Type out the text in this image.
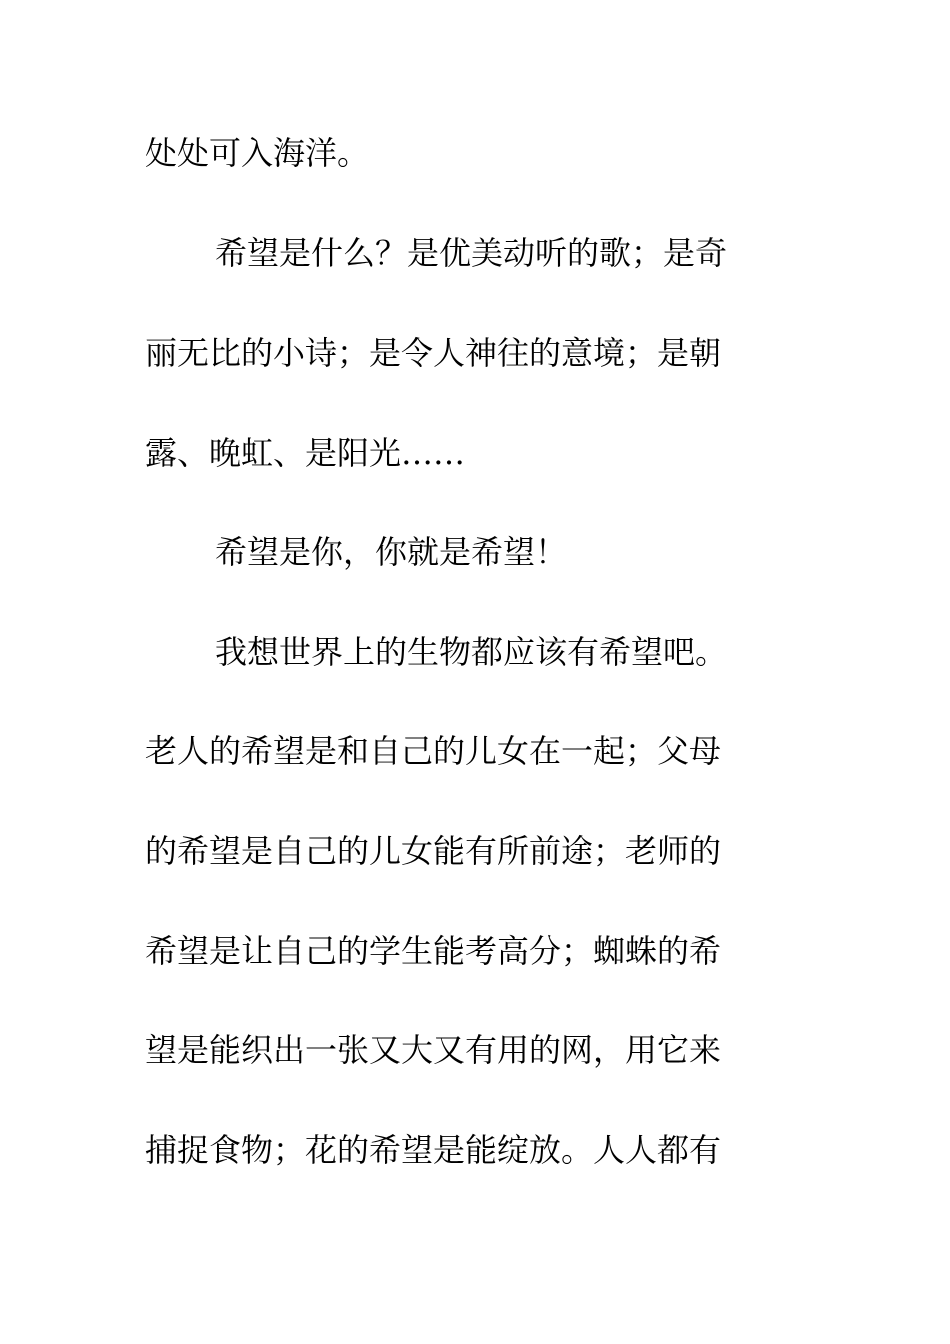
处处可入海洋。
希望是什么？是优美动听的歌；是奇
丽无比的小诗；是令人神往的意境；是朝
露、晚虹、是阳光……
希望是你，你就是希望！
我想世界上的生物都应该有希望吧。
老人的希望是和自己的儿女在一起；父母
的希望是自己的儿女能有所前途；老师的
希望是让自己的学生能考高分；蜘蛛的希
望是能织出一张又大又有用的网，用它来
捕捉食物；花的希望是能绽放。人人都有
